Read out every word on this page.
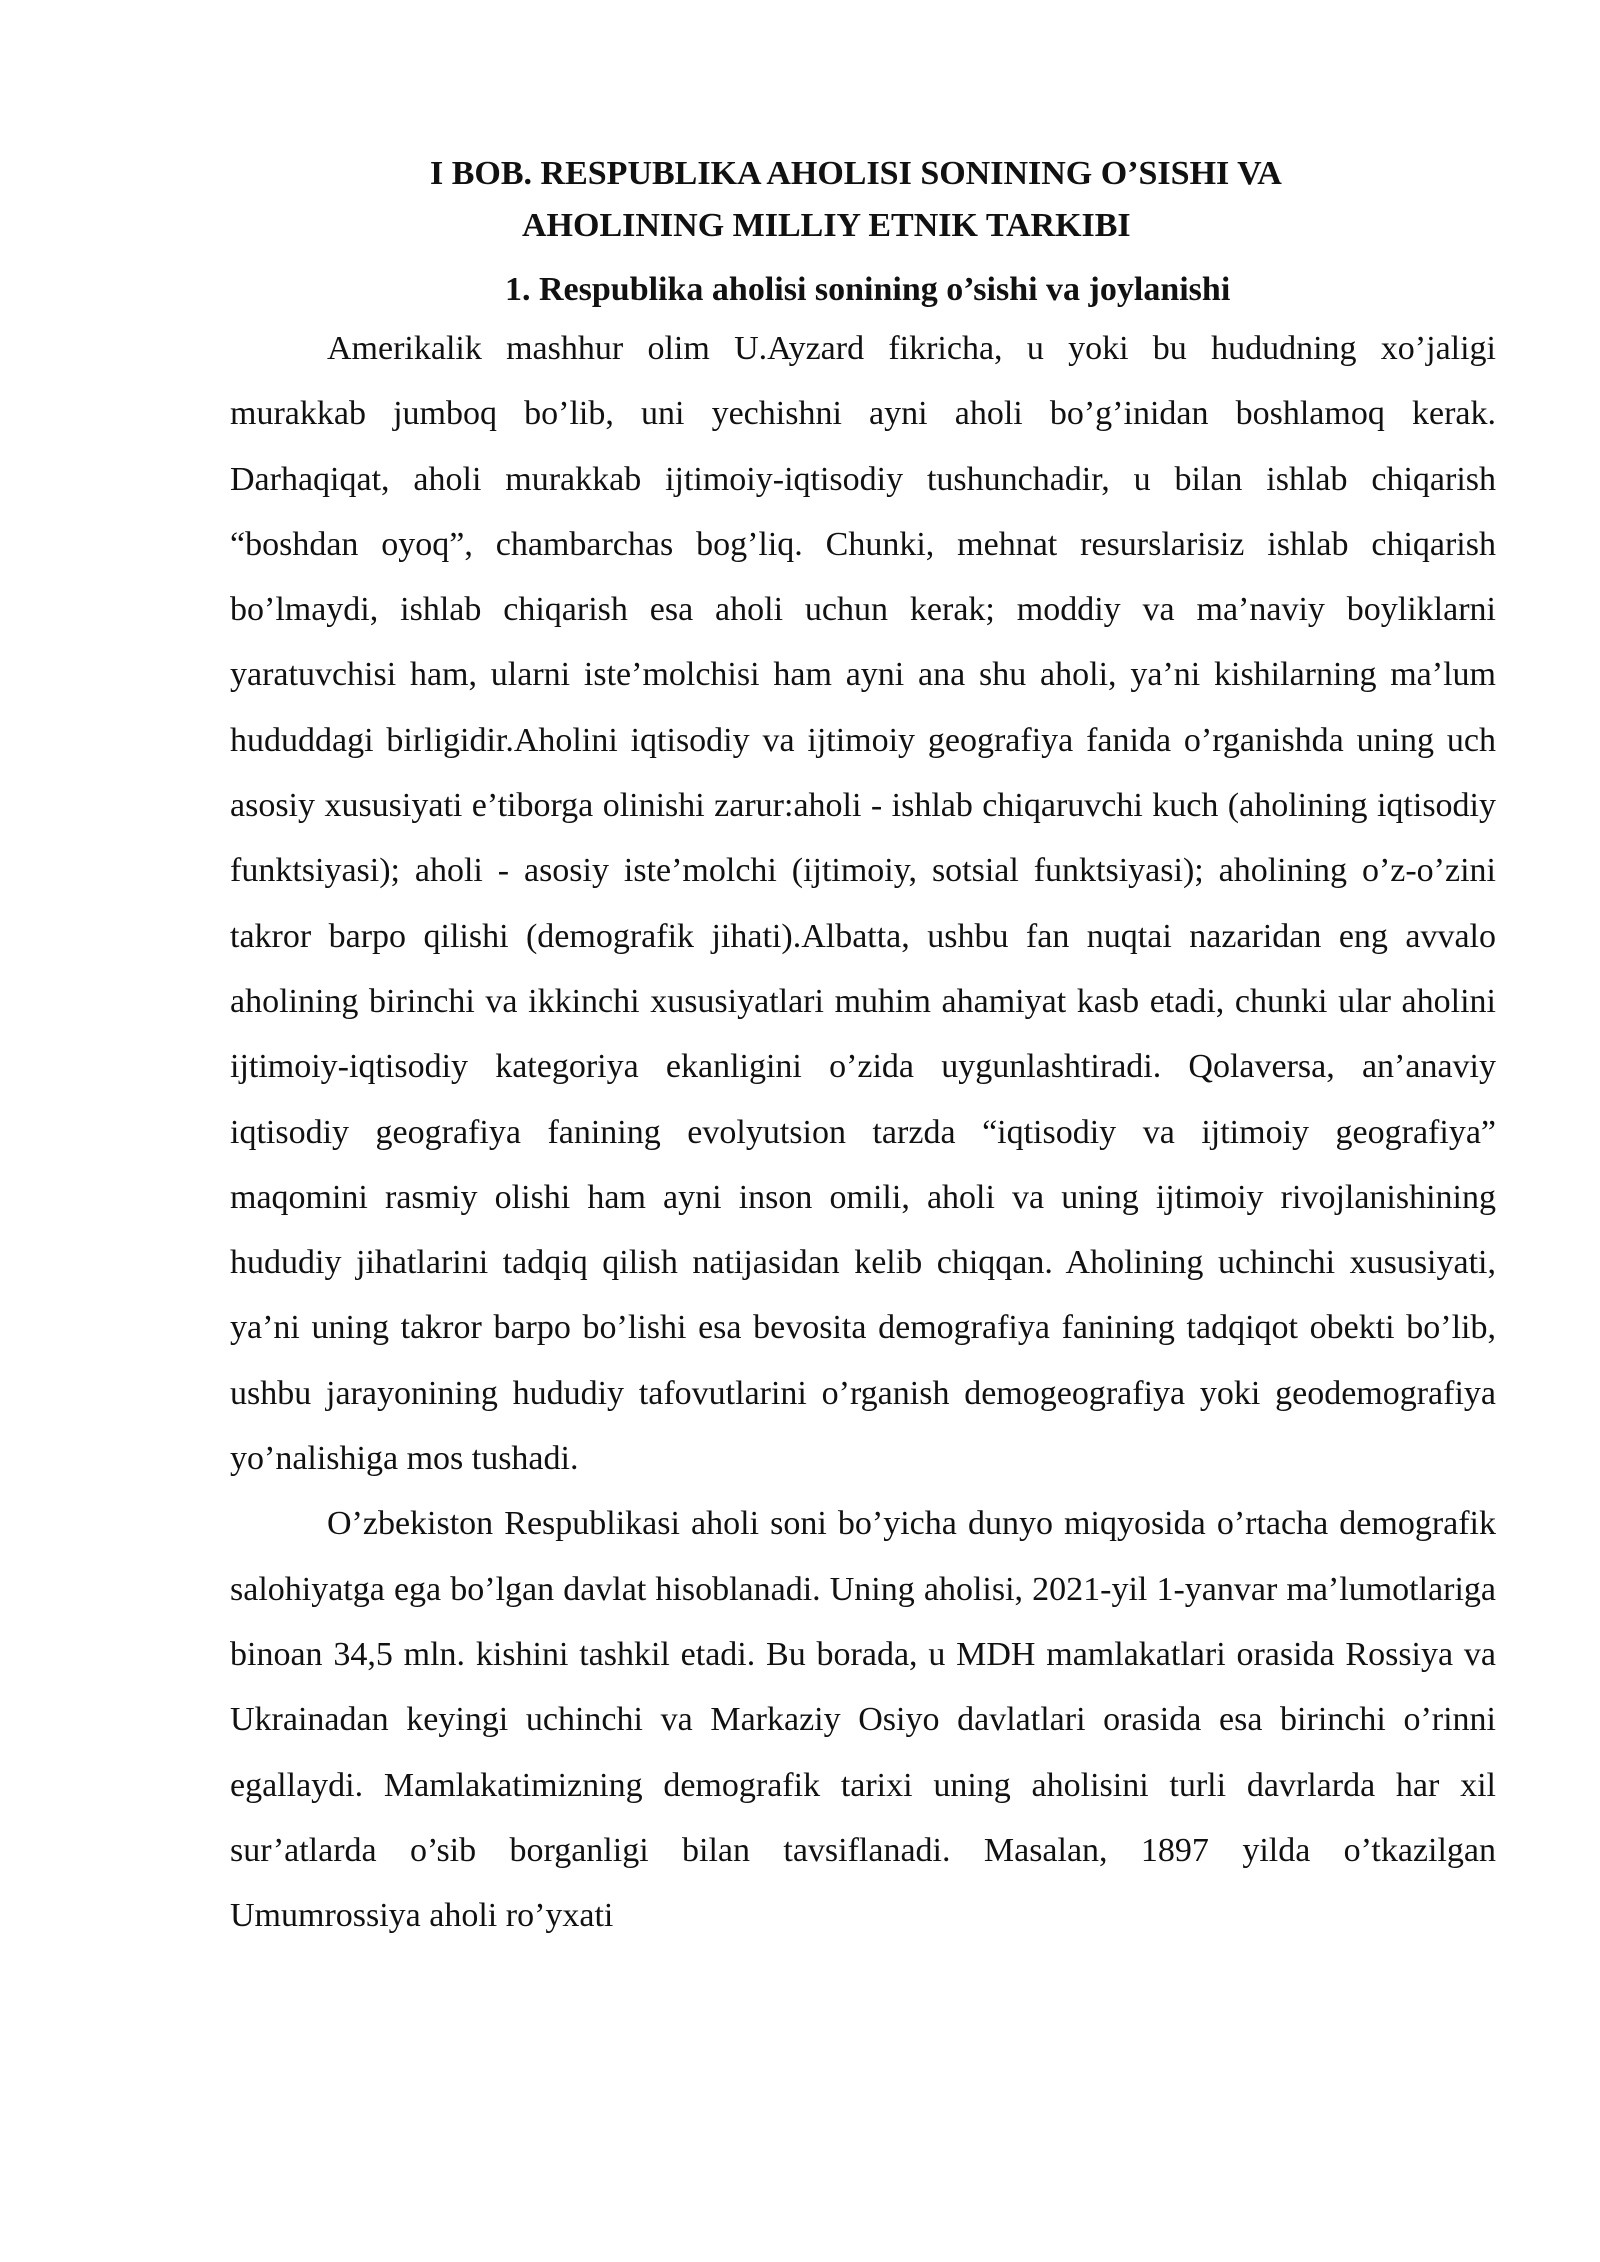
I BOB. RESPUBLIKA AHOLISI SONINING O’SISHI VA

AHOLINING MILLIY ETNIK TARKIBI

1. Respublika aholisi sonining o’sishi va joylanishi

Amerikalik mashhur olim U.Ayzard fikricha, u yoki bu hududning xo’jaligi murakkab jumboq bo’lib, uni yechishni ayni aholi bo’g’inidan boshlamoq kerak. Darhaqiqat, aholi murakkab ijtimoiy-iqtisodiy tushunchadir, u bilan ishlab chiqarish “boshdan oyoq”, chambarchas bog’liq. Chunki, mehnat resurslarisiz ishlab chiqarish bo’lmaydi, ishlab chiqarish esa aholi uchun kerak; moddiy va ma’naviy boyliklarni yaratuvchisi ham, ularni iste’molchisi ham ayni ana shu aholi, ya’ni kishilarning ma’lum hududdagi birligidir.Aholini iqtisodiy va ijtimoiy geografiya fanida o’rganishda uning uch asosiy xususiyati e’tiborga olinishi zarur:aholi - ishlab chiqaruvchi kuch (aholining iqtisodiy funktsiyasi); aholi - asosiy iste’molchi (ijtimoiy, sotsial funktsiyasi); aholining o’z-o’zini takror barpo qilishi (demografik jihati).Albatta, ushbu fan nuqtai nazaridan eng avvalo aholining birinchi va ikkinchi xususiyatlari muhim ahamiyat kasb etadi, chunki ular aholini ijtimoiy-iqtisodiy kategoriya ekanligini o’zida uygunlashtiradi. Qolaversa, an’anaviy iqtisodiy geografiya fanining evolyutsion tarzda “iqtisodiy va ijtimoiy geografiya” maqomini rasmiy olishi ham ayni inson omili, aholi va uning ijtimoiy rivojlanishining hududiy jihatlarini tadqiq qilish natijasidan kelib chiqqan. Aholining uchinchi xususiyati, ya’ni uning takror barpo bo’lishi esa bevosita demografiya fanining tadqiqot obekti bo’lib, ushbu jarayonining hududiy tafovutlarini o’rganish demogeografiya yoki geodemografiya yo’nalishiga mos tushadi.

O’zbekiston Respublikasi aholi soni bo’yicha dunyo miqyosida o’rtacha demografik salohiyatga ega bo’lgan davlat hisoblanadi. Uning aholisi, 2021-yil 1-yanvar ma’lumotlariga binoan 34,5 mln. kishini tashkil etadi. Bu borada, u MDH mamlakatlari orasida Rossiya va Ukrainadan keyingi uchinchi va Markaziy Osiyo davlatlari orasida esa birinchi o’rinni egallaydi. Mamlakatimizning demografik tarixi uning aholisini turli davrlarda har xil sur’atlarda o’sib borganligi bilan tavsiflanadi. Masalan, 1897 yilda o’tkazilgan Umumrossiya aholi ro’yxati
